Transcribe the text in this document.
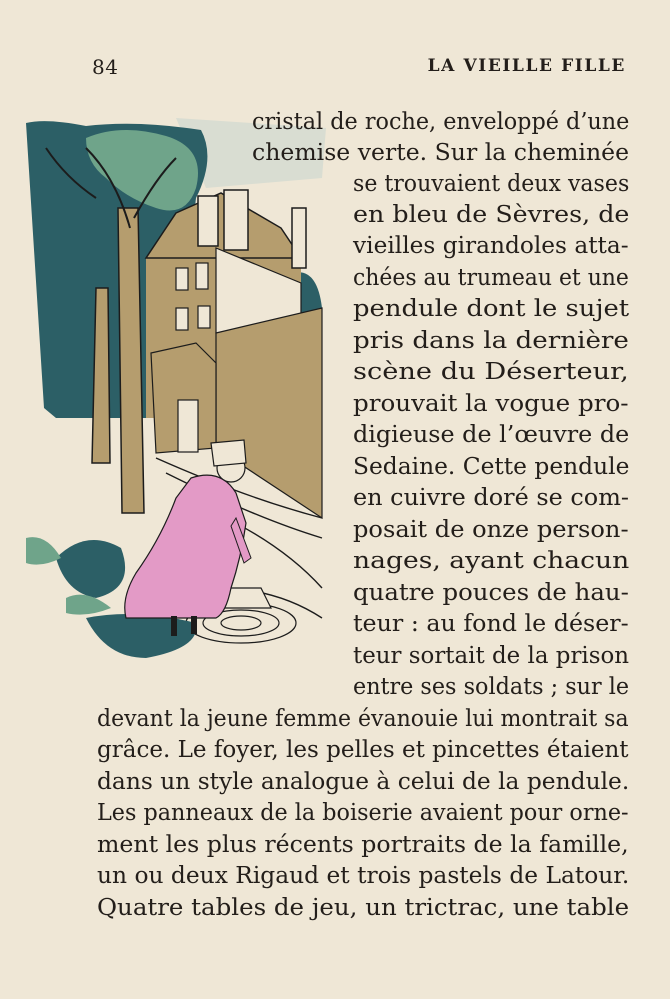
84	LA VIEILLE FILLE
cristal de roche, enveloppé d’une
chemise verte. Sur la cheminée
se trouvaient deux vases
en bleu de Sèvres, de
vieilles girandoles atta-
chées au trumeau et une
pendule dont le sujet
pris dans la dernière
scène du Déserteur,
prouvait la vogue pro-
digieuse de l’œuvre de
Sedaine. Cette pendule
en cuivre doré se com-
posait de onze person-
nages, ayant chacun
quatre pouces de hau-
teur : au fond le déser-
teur sortait de la prison
entre ses soldats ; sur le
devant la jeune femme évanouie lui montrait sa
grâce. Le foyer, les pelles et pincettes étaient
dans un style analogue à celui de la pendule.
Les panneaux de la boiserie avaient pour orne-
ment les plus récents portraits de la famille,
un ou deux Rigaud et trois pastels de Latour.
Quatre tables de jeu, un trictrac, une table
